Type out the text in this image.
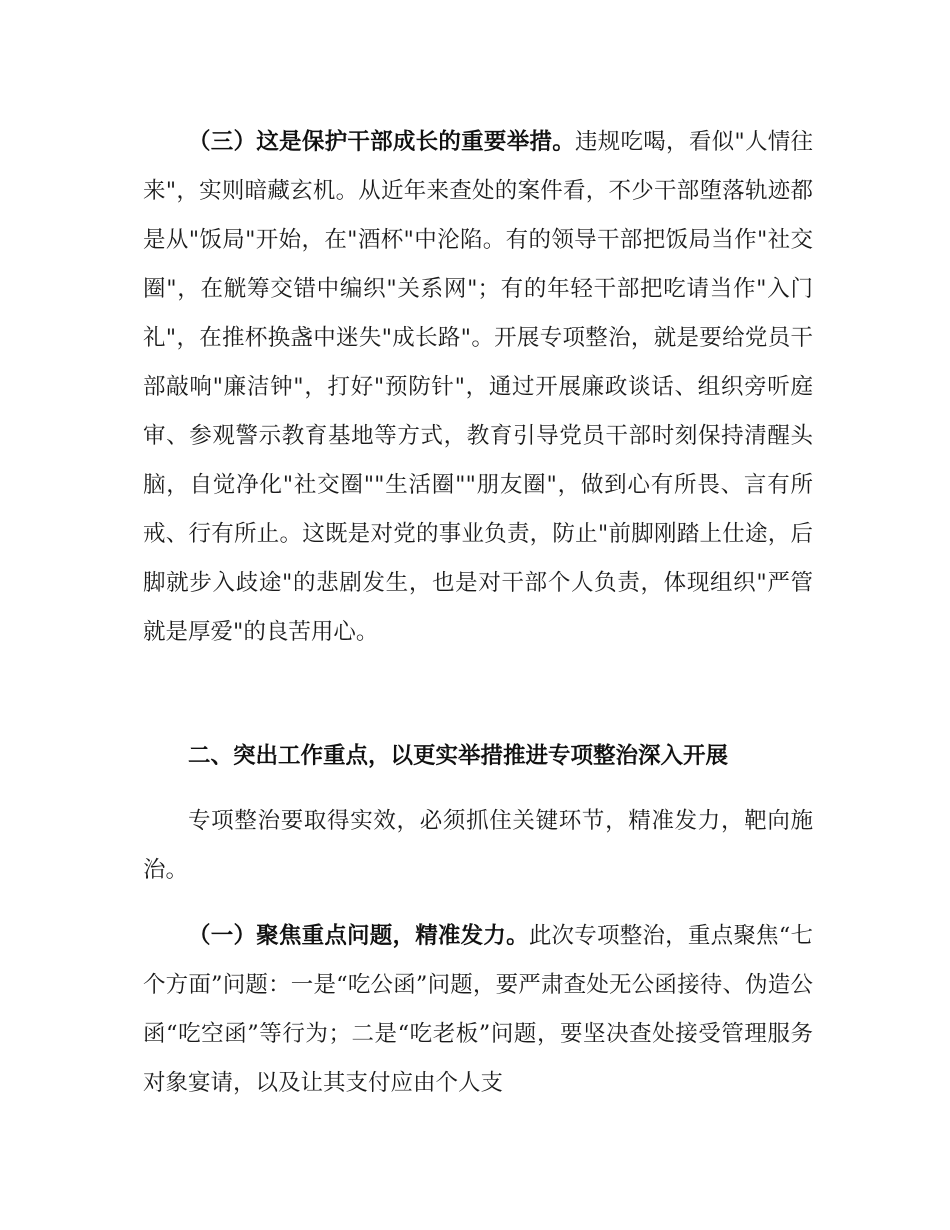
（三）这是保护干部成长的重要举措。违规吃喝，看似"人情往来"，实则暗藏玄机。从近年来查处的案件看，不少干部堕落轨迹都是从"饭局"开始，在"酒杯"中沦陷。有的领导干部把饭局当作"社交圈"，在觥筹交错中编织"关系网"；有的年轻干部把吃请当作"入门礼"，在推杯换盏中迷失"成长路"。开展专项整治，就是要给党员干部敲响"廉洁钟"，打好"预防针"，通过开展廉政谈话、组织旁听庭审、参观警示教育基地等方式，教育引导党员干部时刻保持清醒头脑，自觉净化"社交圈""生活圈""朋友圈"，做到心有所畏、言有所戒、行有所止。这既是对党的事业负责，防止"前脚刚踏上仕途，后脚就步入歧途"的悲剧发生，也是对干部个人负责，体现组织"严管就是厚爱"的良苦用心。

二、突出工作重点，以更实举措推进专项整治深入开展

专项整治要取得实效，必须抓住关键环节，精准发力，靶向施治。

（一）聚焦重点问题，精准发力。此次专项整治，重点聚焦“七个方面”问题：一是“吃公函”问题，要严肃查处无公函接待、伪造公函“吃空函”等行为；二是“吃老板”问题，要坚决查处接受管理服务对象宴请，以及让其支付应由个人支
